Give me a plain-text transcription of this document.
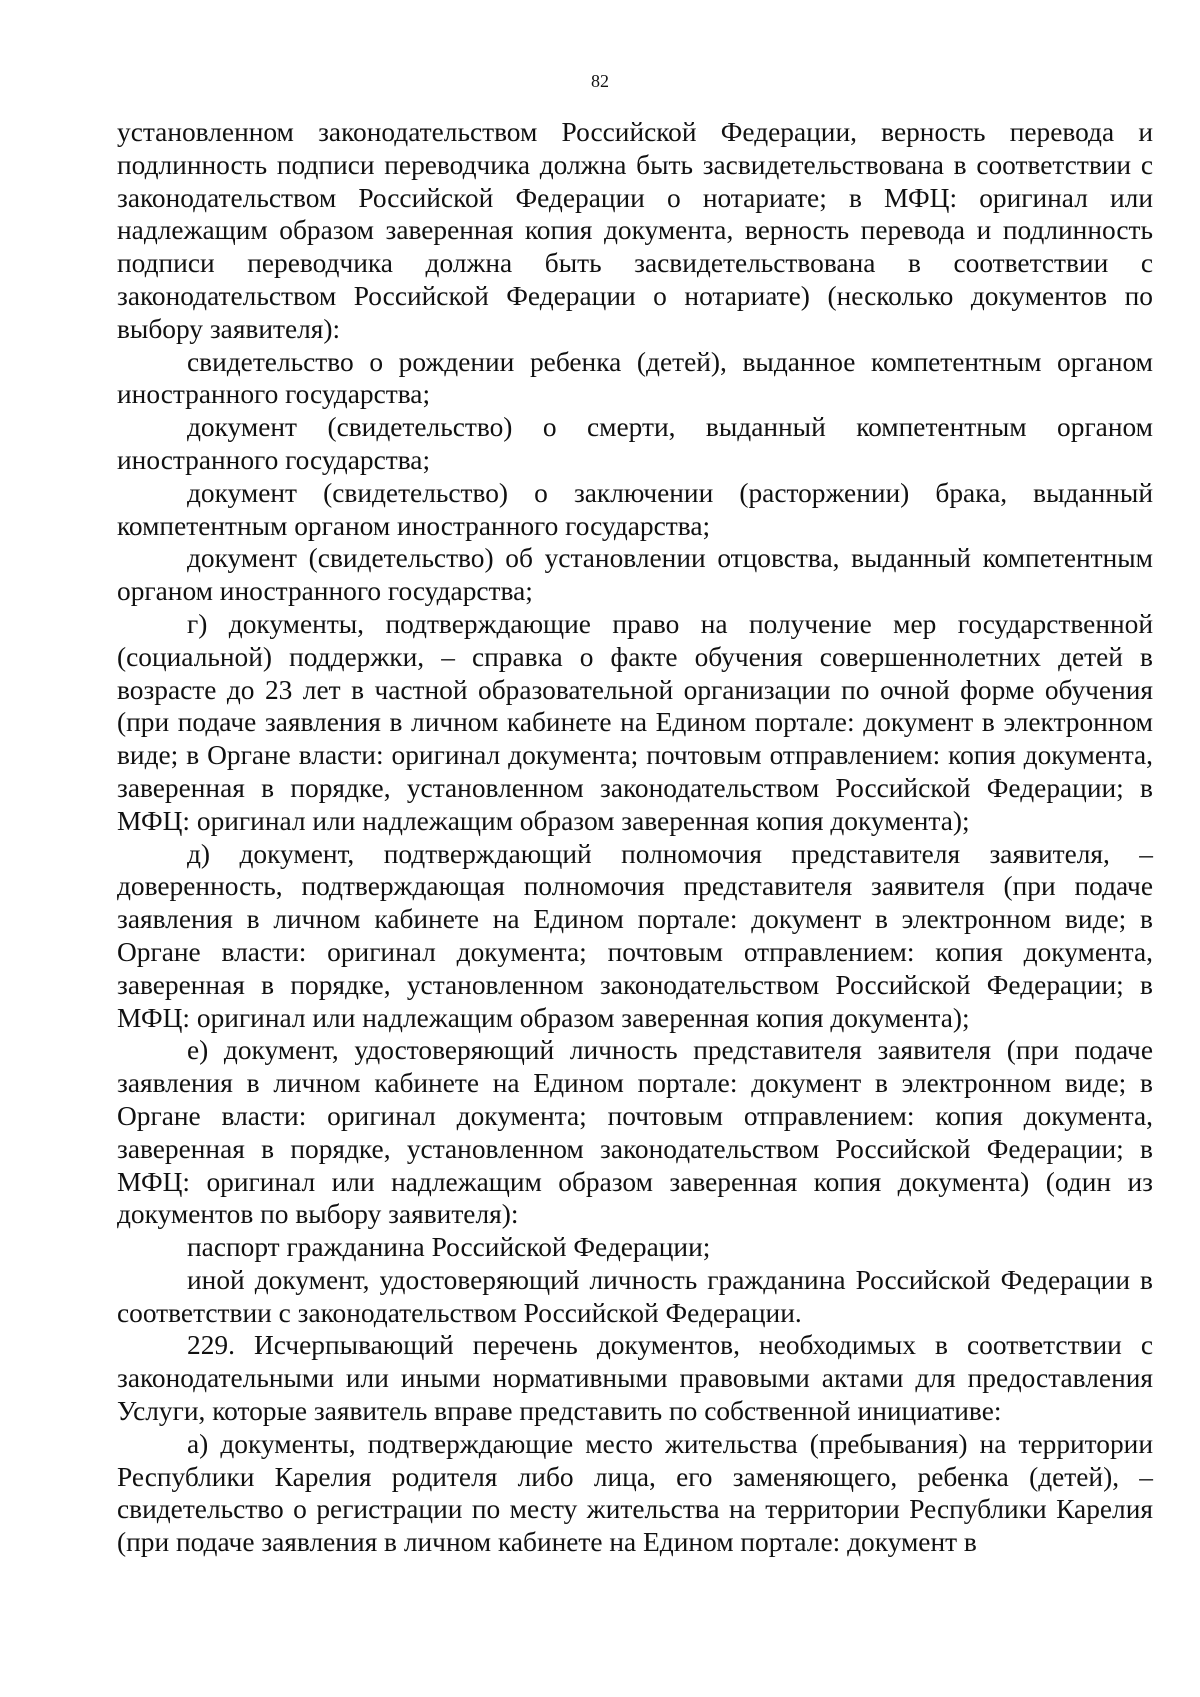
82

установленном законодательством Российской Федерации, верность перевода и подлинность подписи переводчика должна быть засвидетельствована в соответствии с законодательством Российской Федерации о нотариате; в МФЦ: оригинал или надлежащим образом заверенная копия документа, верность перевода и подлинность подписи переводчика должна быть засвидетельствована в соответствии с законодательством Российской Федерации о нотариате) (несколько документов по выбору заявителя):

свидетельство о рождении ребенка (детей), выданное компетентным органом иностранного государства;

документ (свидетельство) о смерти, выданный компетентным органом иностранного государства;

документ (свидетельство) о заключении (расторжении) брака, выданный компетентным органом иностранного государства;

документ (свидетельство) об установлении отцовства, выданный компетентным органом иностранного государства;

г) документы, подтверждающие право на получение мер государственной (социальной) поддержки, – справка о факте обучения совершеннолетних детей в возрасте до 23 лет в частной образовательной организации по очной форме обучения (при подаче заявления в личном кабинете на Едином портале: документ в электронном виде; в Органе власти: оригинал документа; почтовым отправлением: копия документа, заверенная в порядке, установленном законодательством Российской Федерации; в МФЦ: оригинал или надлежащим образом заверенная копия документа);

д) документ, подтверждающий полномочия представителя заявителя, – доверенность, подтверждающая полномочия представителя заявителя (при подаче заявления в личном кабинете на Едином портале: документ в электронном виде; в Органе власти: оригинал документа; почтовым отправлением: копия документа, заверенная в порядке, установленном законодательством Российской Федерации; в МФЦ: оригинал или надлежащим образом заверенная копия документа);

е) документ, удостоверяющий личность представителя заявителя (при подаче заявления в личном кабинете на Едином портале: документ в электронном виде; в Органе власти: оригинал документа; почтовым отправлением: копия документа, заверенная в порядке, установленном законодательством Российской Федерации; в МФЦ: оригинал или надлежащим образом заверенная копия документа) (один из документов по выбору заявителя):

паспорт гражданина Российской Федерации;

иной документ, удостоверяющий личность гражданина Российской Федерации в соответствии с законодательством Российской Федерации.

229. Исчерпывающий перечень документов, необходимых в соответствии с законодательными или иными нормативными правовыми актами для предоставления Услуги, которые заявитель вправе представить по собственной инициативе:

а) документы, подтверждающие место жительства (пребывания) на территории Республики Карелия родителя либо лица, его заменяющего, ребенка (детей), – свидетельство о регистрации по месту жительства на территории Республики Карелия (при подаче заявления в личном кабинете на Едином портале: документ в
